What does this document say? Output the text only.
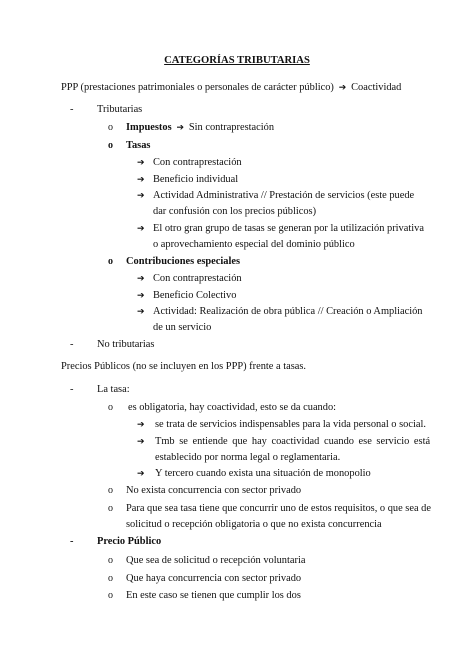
CATEGORÍAS TRIBUTARIAS
PPP (prestaciones patrimoniales o personales de carácter público)  ➔  Coactividad
- Tributarias
o Impuestos  ➔  Sin contraprestación
o Tasas
➔ Con contraprestación
➔ Beneficio individual
➔ Actividad Administrativa // Prestación de servicios (este puede
dar confusión con los precios públicos)
➔ El otro gran grupo de tasas se generan por la utilización privativa
o aprovechamiento especial del dominio público
o Contribuciones especiales
➔ Con contraprestación
➔ Beneficio Colectivo
➔ Actividad: Realización de obra pública // Creación o Ampliación
de un servicio
- No tributarias
Precios Públicos (no se incluyen en los PPP) frente a tasas.
- La tasa:
o es obligatoria, hay coactividad, esto se da cuando:
➔ se trata de servicios indispensables para la vida personal o social.
➔ Tmb se entiende que hay coactividad cuando ese servicio está
establecido por norma legal o reglamentaria.
➔ Y tercero cuando exista una situación de monopolio
o No exista concurrencia con sector privado
o Para que sea tasa tiene que concurrir uno de estos requisitos, o que sea de
solicitud o recepción obligatoria o que no exista concurrencia
- Precio Público
o Que sea de solicitud o recepción voluntaria
o Que haya concurrencia con sector privado
o En este caso se tienen que cumplir los dos
